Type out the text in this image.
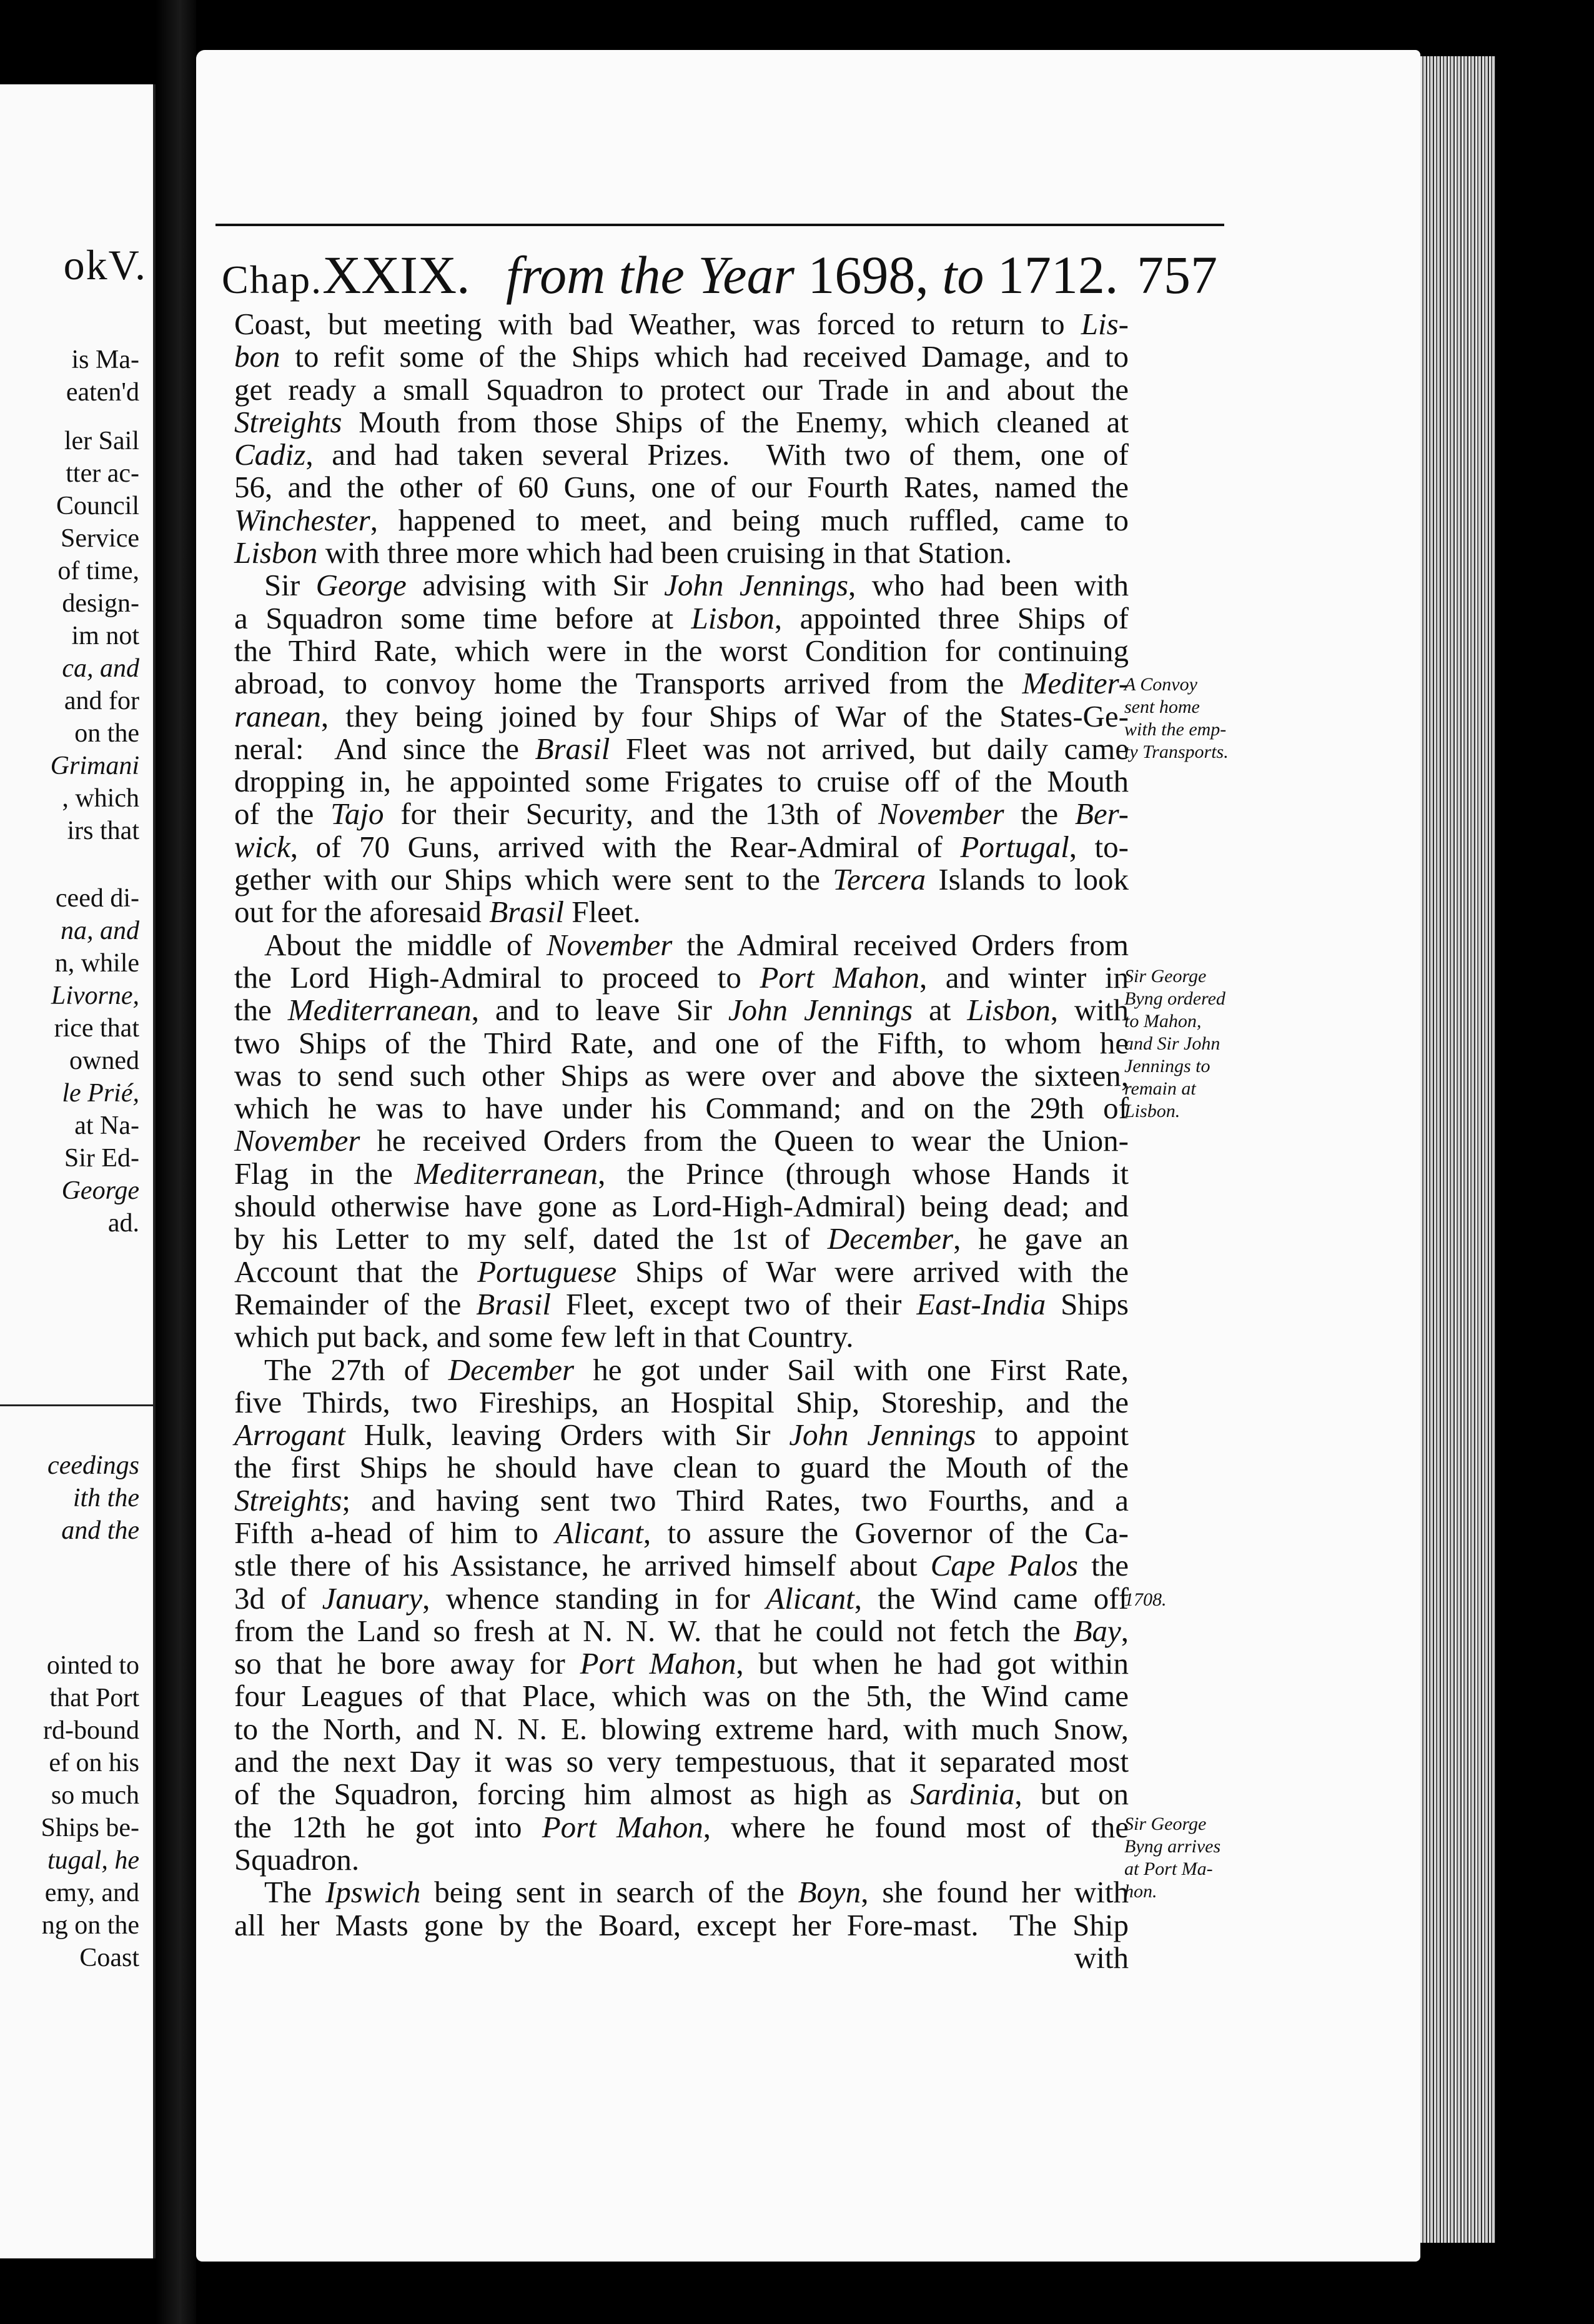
okV.
is Ma-
eaten'd
ler Sail
tter ac-
Council
Service
of time,
design-
im not
ca, and
and for
on the
Grimani
, which
irs that
ceed di-
na, and
n, while
Livorne,
rice that
owned
le Prié,
at Na-
Sir Ed-
George
ad.
ceedings
ith the
and the
ointed to
that Port
rd-bound
ef on his
so much
Ships be-
tugal, he
emy, and
ng on the
Coast
Chap.XXIX. from the Year 1698, to 1712. 757
Coast, but meeting with bad Weather, was forced to return to Lis-
bon to refit some of the Ships which had received Damage, and to
get ready a small Squadron to protect our Trade in and about the
Streights Mouth from those Ships of the Enemy, which cleaned at
Cadiz, and had taken several Prizes.  With two of them, one of
56, and the other of 60 Guns, one of our Fourth Rates, named the
Winchester, happened to meet, and being much ruffled, came to
Lisbon with three more which had been cruising in that Station.
Sir George advising with Sir John Jennings, who had been with
a Squadron some time before at Lisbon, appointed three Ships of
the Third Rate, which were in the worst Condition for continuing
abroad, to convoy home the Transports arrived from the Mediter-
ranean, they being joined by four Ships of War of the States-Ge-
neral:  And since the Brasil Fleet was not arrived, but daily came
dropping in, he appointed some Frigates to cruise off of the Mouth
of the Tajo for their Security, and the 13th of November the Ber-
wick, of 70 Guns, arrived with the Rear-Admiral of Portugal, to-
gether with our Ships which were sent to the Tercera Islands to look
out for the aforesaid Brasil Fleet.
About the middle of November the Admiral received Orders from
the Lord High-Admiral to proceed to Port Mahon, and winter in
the Mediterranean, and to leave Sir John Jennings at Lisbon, with
two Ships of the Third Rate, and one of the Fifth, to whom he
was to send such other Ships as were over and above the sixteen,
which he was to have under his Command; and on the 29th of
November he received Orders from the Queen to wear the Union-
Flag in the Mediterranean, the Prince (through whose Hands it
should otherwise have gone as Lord-High-Admiral) being dead; and
by his Letter to my self, dated the 1st of December, he gave an
Account that the Portuguese Ships of War were arrived with the
Remainder of the Brasil Fleet, except two of their East-India Ships
which put back, and some few left in that Country.
The 27th of December he got under Sail with one First Rate,
five Thirds, two Fireships, an Hospital Ship, Storeship, and the
Arrogant Hulk, leaving Orders with Sir John Jennings to appoint
the first Ships he should have clean to guard the Mouth of the
Streights; and having sent two Third Rates, two Fourths, and a
Fifth a-head of him to Alicant, to assure the Governor of the Ca-
stle there of his Assistance, he arrived himself about Cape Palos the
3d of January, whence standing in for Alicant, the Wind came off
from the Land so fresh at N. N. W. that he could not fetch the Bay,
so that he bore away for Port Mahon, but when he had got within
four Leagues of that Place, which was on the 5th, the Wind came
to the North, and N. N. E. blowing extreme hard, with much Snow,
and the next Day it was so very tempestuous, that it separated most
of the Squadron, forcing him almost as high as Sardinia, but on
the 12th he got into Port Mahon, where he found most of the
Squadron.
The Ipswich being sent in search of the Boyn, she found her with
all her Masts gone by the Board, except her Fore-mast.  The Ship
with
A Convoy
sent home
with the emp-
ty Transports.
Sir George
Byng ordered
to Mahon,
and Sir John
Jennings to
remain at
Lisbon.
1708.
Sir George
Byng arrives
at Port Ma-
hon.
